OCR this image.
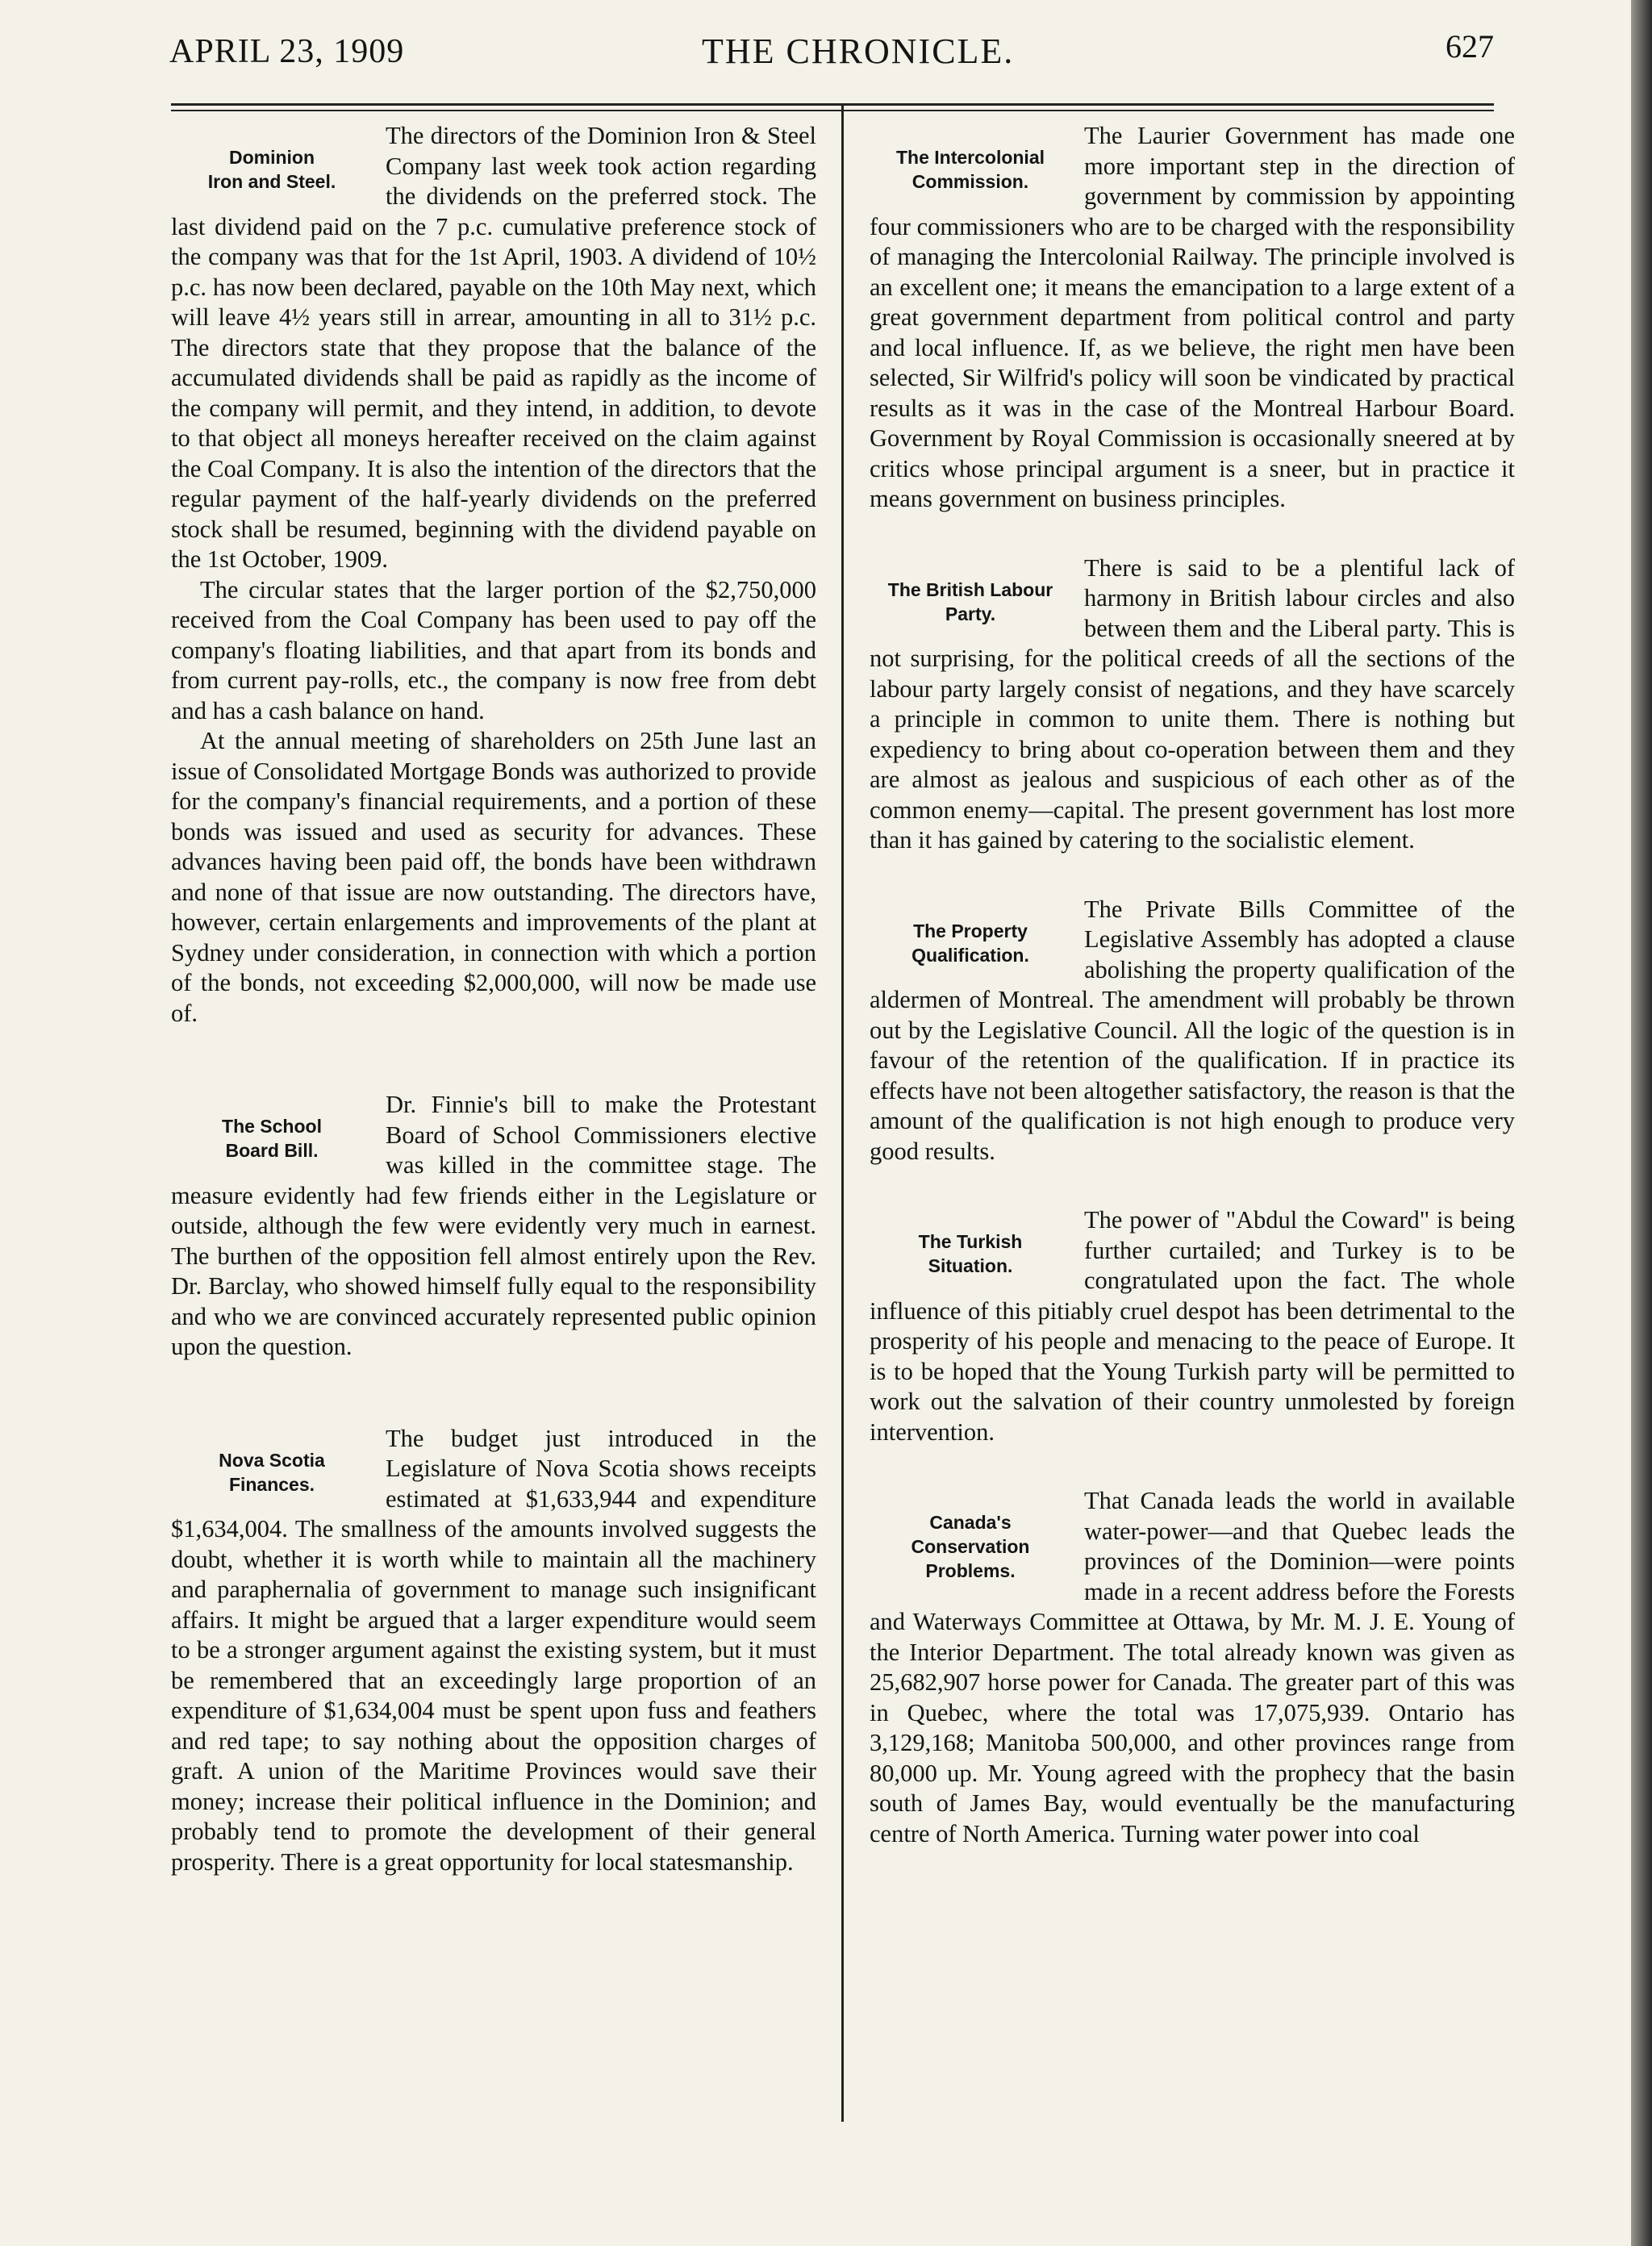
APRIL 23, 1909	THE CHRONICLE.	627
Dominion
Iron and Steel.

The directors of the Dominion Iron & Steel Company last week took action regarding the dividends on the preferred stock. The last dividend paid on the 7 p.c. cumulative preference stock of the company was that for the 1st April, 1903. A dividend of 10½ p.c. has now been declared, payable on the 10th May next, which will leave 4½ years still in arrear, amounting in all to 31½ p.c. The directors state that they propose that the balance of the accumulated dividends shall be paid as rapidly as the income of the company will permit, and they intend, in addition, to devote to that object all moneys hereafter received on the claim against the Coal Company. It is also the intention of the directors that the regular payment of the half-yearly dividends on the preferred stock shall be resumed, beginning with the dividend payable on the 1st October, 1909.

The circular states that the larger portion of the $2,750,000 received from the Coal Company has been used to pay off the company's floating liabilities, and that apart from its bonds and from current pay-rolls, etc., the company is now free from debt and has a cash balance on hand.

At the annual meeting of shareholders on 25th June last an issue of Consolidated Mortgage Bonds was authorized to provide for the company's financial requirements, and a portion of these bonds was issued and used as security for advances. These advances having been paid off, the bonds have been withdrawn and none of that issue are now outstanding. The directors have, however, certain enlargements and improvements of the plant at Sydney under consideration, in connection with which a portion of the bonds, not exceeding $2,000,000, will now be made use of.

The School
Board Bill.

Dr. Finnie's bill to make the Protestant Board of School Commissioners elective was killed in the committee stage. The measure evidently had few friends either in the Legislature or outside, although the few were evidently very much in earnest. The burthen of the opposition fell almost entirely upon the Rev. Dr. Barclay, who showed himself fully equal to the responsibility and who we are convinced accurately represented public opinion upon the question.

Nova Scotia
Finances.

The budget just introduced in the Legislature of Nova Scotia shows receipts estimated at $1,633,944 and expenditure $1,634,004. The smallness of the amounts involved suggests the doubt, whether it is worth while to maintain all the machinery and paraphernalia of government to manage such insignificant affairs. It might be argued that a larger expenditure would seem to be a stronger argument against the existing system, but it must be remembered that an exceedingly large proportion of an expenditure of $1,634,004 must be spent upon fuss and feathers and red tape; to say nothing about the opposition charges of graft. A union of the Maritime Provinces would save their money; increase their political influence in the Dominion; and probably tend to promote the development of their general prosperity. There is a great opportunity for local statesmanship.

The Intercolonial
Commission.

The Laurier Government has made one more important step in the direction of government by commission by appointing four commissioners who are to be charged with the responsibility of managing the Intercolonial Railway. The principle involved is an excellent one; it means the emancipation to a large extent of a great government department from political control and party and local influence. If, as we believe, the right men have been selected, Sir Wilfrid's policy will soon be vindicated by practical results as it was in the case of the Montreal Harbour Board. Government by Royal Commission is occasionally sneered at by critics whose principal argument is a sneer, but in practice it means government on business principles.

The British Labour
Party.

There is said to be a plentiful lack of harmony in British labour circles and also between them and the Liberal party. This is not surprising, for the political creeds of all the sections of the labour party largely consist of negations, and they have scarcely a principle in common to unite them. There is nothing but expediency to bring about co-operation between them and they are almost as jealous and suspicious of each other as of the common enemy—capital. The present government has lost more than it has gained by catering to the socialistic element.

The Property
Qualification.

The Private Bills Committee of the Legislative Assembly has adopted a clause abolishing the property qualification of the aldermen of Montreal. The amendment will probably be thrown out by the Legislative Council. All the logic of the question is in favour of the retention of the qualification. If in practice its effects have not been altogether satisfactory, the reason is that the amount of the qualification is not high enough to produce very good results.

The Turkish
Situation.

The power of "Abdul the Coward" is being further curtailed; and Turkey is to be congratulated upon the fact. The whole influence of this pitiably cruel despot has been detrimental to the prosperity of his people and menacing to the peace of Europe. It is to be hoped that the Young Turkish party will be permitted to work out the salvation of their country unmolested by foreign intervention.

Canada's
Conservation
Problems.

That Canada leads the world in available water-power—and that Quebec leads the provinces of the Dominion—were points made in a recent address before the Forests and Waterways Committee at Ottawa, by Mr. M. J. E. Young of the Interior Department. The total already known was given as 25,682,907 horse power for Canada. The greater part of this was in Quebec, where the total was 17,075,939. Ontario has 3,129,168; Manitoba 500,000, and other provinces range from 80,000 up. Mr. Young agreed with the prophecy that the basin south of James Bay, would eventually be the manufacturing centre of North America. Turning water power into coal
